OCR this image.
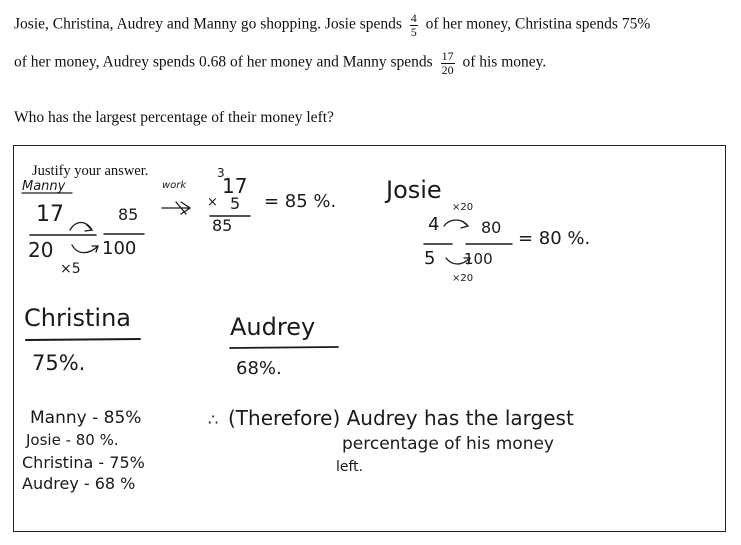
Josie, Christina, Audrey and Manny go shopping. Josie spends $\frac{4}{5}$ of her money, Christina spends 75%
of her money, Audrey spends 0.68 of her money and Manny spends $\frac{17}{20}$ of his money.
Who has the largest percentage of their money left?
Justify your answer.
Manny
17
20
×5
85
100
work
3
17
× 5
85
= 85 %. Josie
×20
4
5
80
100
×20
= 80 %.
Christina
75%.
Audrey
68%.
Manny - 85%
Josie - 80 %.
Christina - 75%
Audrey - 68 %
∴ (Therefore) Audrey has the largest
percentage of his money
left.
